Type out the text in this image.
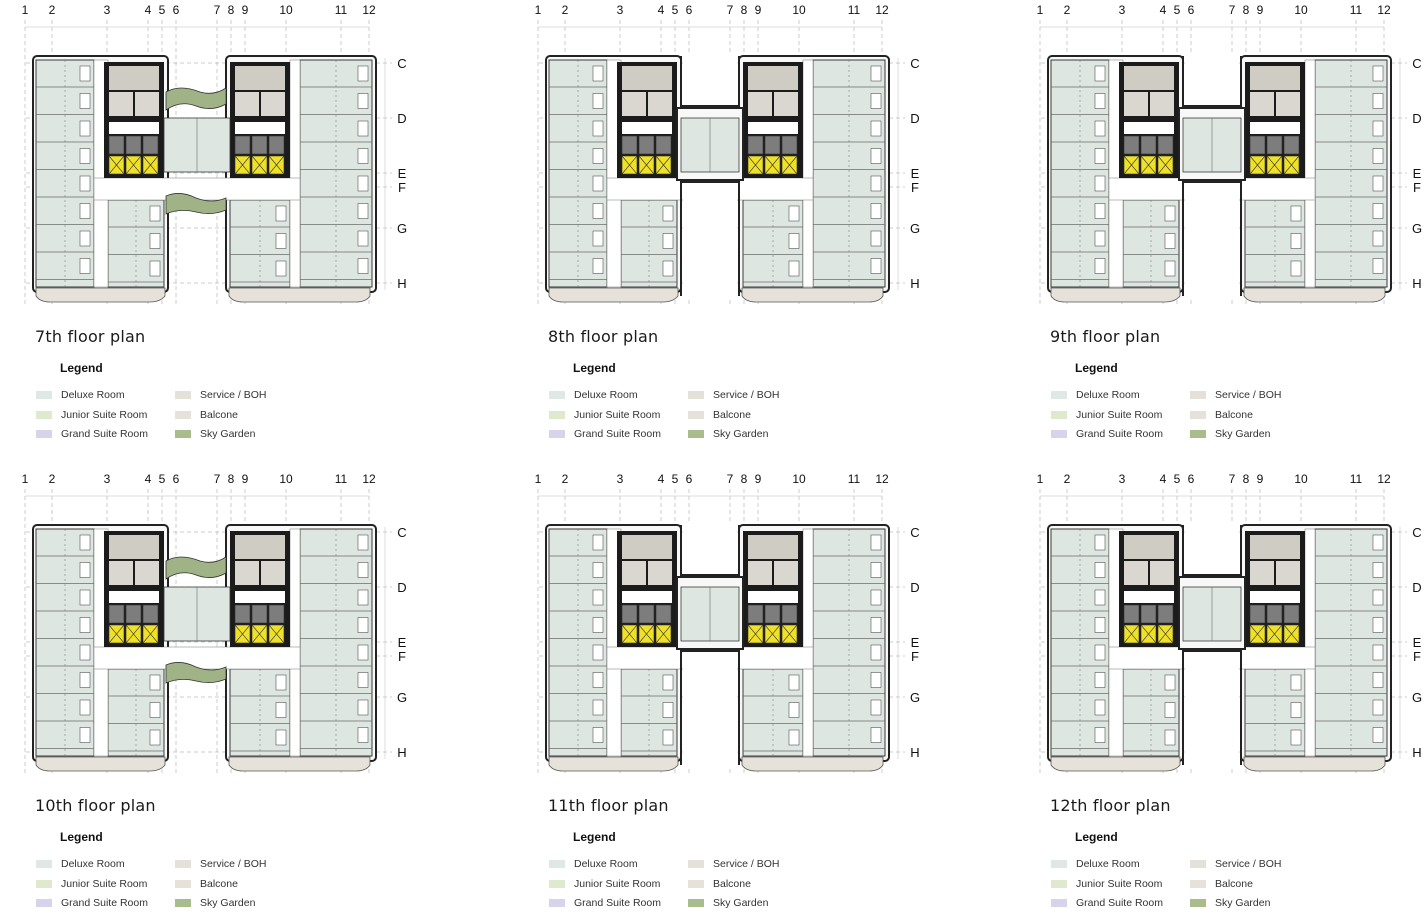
1 2	3	4 5 6	7 8 9	10	11 12
C
D
E
F
G
H
7th floor plan
Legend
Deluxe Room
Junior Suite Room
Grand Suite Room
Service / BOH
Balcone
Sky Garden
1 2	3	4 5 6	7 8 9	10	11 12
C
D
E
F
G
H
8th floor plan
Legend
Deluxe Room
Junior Suite Room
Grand Suite Room
Service / BOH
Balcone
Sky Garden
1 2	3	4 5 6	7 8 9	10	11 12
C
D
E
F
G
H
9th floor plan
Legend
Deluxe Room
Junior Suite Room
Grand Suite Room
Service / BOH
Balcone
Sky Garden
1 2	3	4 5 6	7 8 9	10	11 12
C
D
E
F
G
H
10th floor plan
Legend
Deluxe Room
Junior Suite Room
Grand Suite Room
Service / BOH
Balcone
Sky Garden
1 2	3	4 5 6	7 8 9	10	11 12
C
D
E
F
G
H
11th floor plan
Legend
Deluxe Room
Junior Suite Room
Grand Suite Room
Service / BOH
Balcone
Sky Garden
1 2	3	4 5 6	7 8 9	10	11 12
C
D
E
F
G
H
12th floor plan
Legend
Deluxe Room
Junior Suite Room
Grand Suite Room
Service / BOH
Balcone
Sky Garden
